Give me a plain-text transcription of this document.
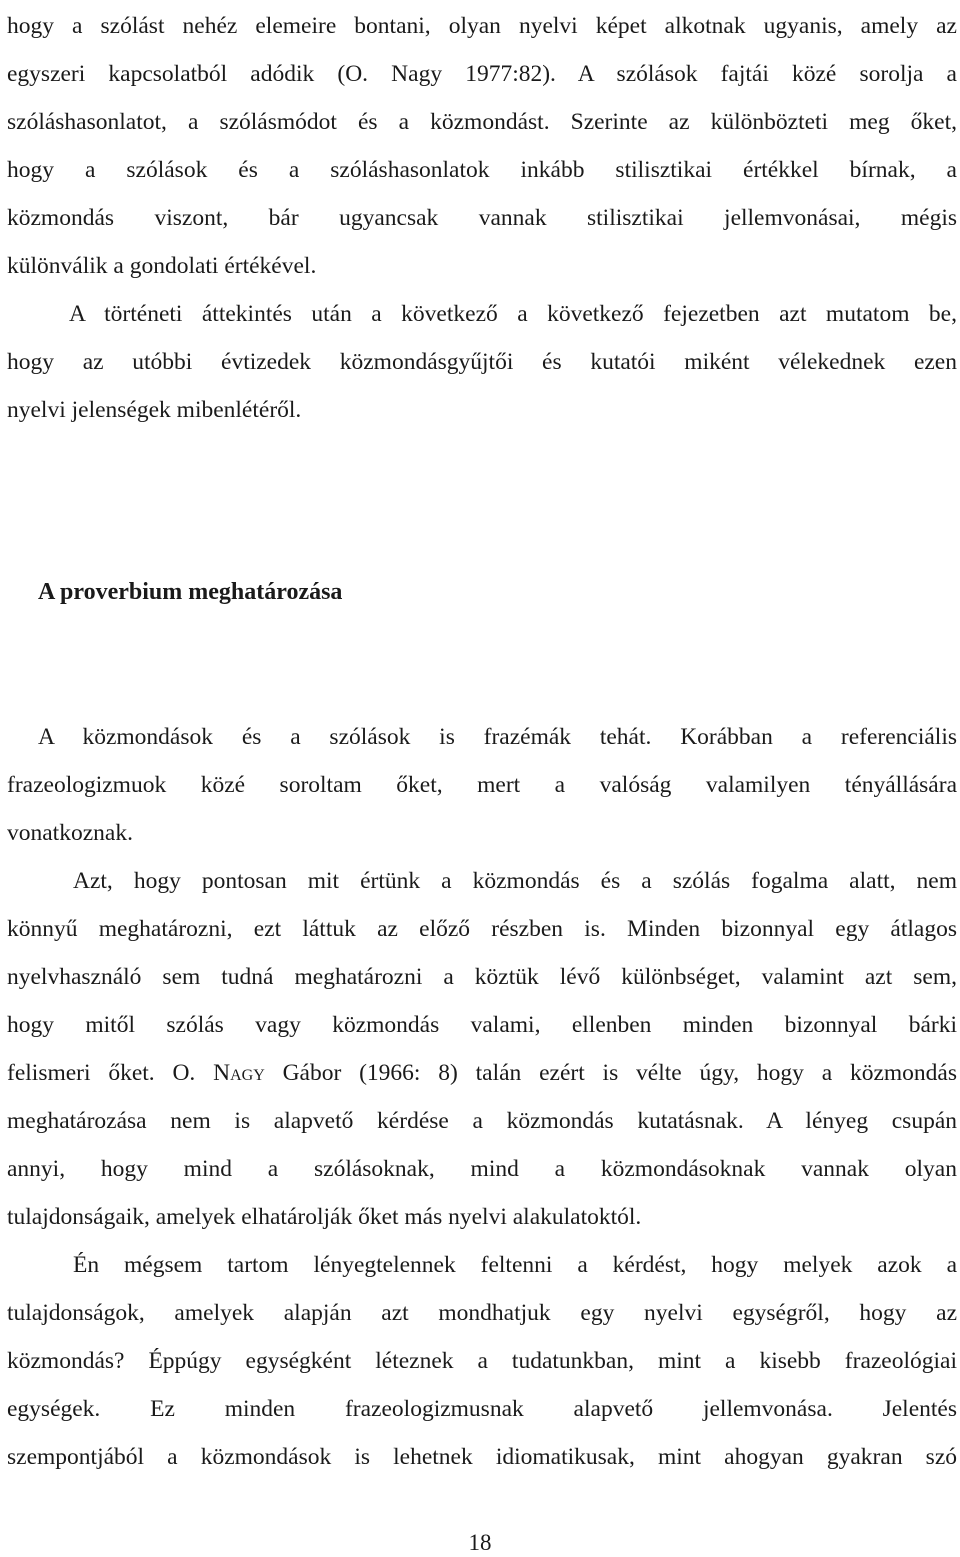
hogy a szólást nehéz elemeire bontani, olyan nyelvi képet alkotnak ugyanis, amely az
egyszeri kapcsolatból adódik (O. Nagy 1977:82). A szólások fajtái közé sorolja a
szóláshasonlatot, a szólásmódot és a közmondást. Szerinte az különbözteti meg őket,
hogy a szólások és a szóláshasonlatok inkább stilisztikai értékkel bírnak, a
közmondás viszont, bár ugyancsak vannak stilisztikai jellemvonásai, mégis
különválik a gondolati értékével.
A történeti áttekintés után a következő a következő fejezetben azt mutatom be,
hogy az utóbbi évtizedek közmondásgyűjtői és kutatói miként vélekednek ezen
nyelvi jelenségek mibenlétéről.
A proverbium meghatározása
A közmondások és a szólások is frazémák tehát. Korábban a referenciális
frazeologizmuok közé soroltam őket, mert a valóság valamilyen tényállására
vonatkoznak.
Azt, hogy pontosan mit értünk a közmondás és a szólás fogalma alatt, nem
könnyű meghatározni, ezt láttuk az előző részben is. Minden bizonnyal egy átlagos
nyelvhasználó sem tudná meghatározni a köztük lévő különbséget, valamint azt sem,
hogy mitől szólás vagy közmondás valami, ellenben minden bizonnyal bárki
felismeri őket. O. Nagy Gábor (1966: 8) talán ezért is vélte úgy, hogy a közmondás
meghatározása nem is alapvető kérdése a közmondás kutatásnak. A lényeg csupán
annyi, hogy mind a szólásoknak, mind a közmondásoknak vannak olyan
tulajdonságaik, amelyek elhatárolják őket más nyelvi alakulatoktól.
Én mégsem tartom lényegtelennek feltenni a kérdést, hogy melyek azok a
tulajdonságok, amelyek alapján azt mondhatjuk egy nyelvi egységről, hogy az
közmondás? Éppúgy egységként léteznek a tudatunkban, mint a kisebb frazeológiai
egységek. Ez minden frazeologizmusnak alapvető jellemvonása. Jelentés
szempontjából a közmondások is lehetnek idiomatikusak, mint ahogyan gyakran szó
18
